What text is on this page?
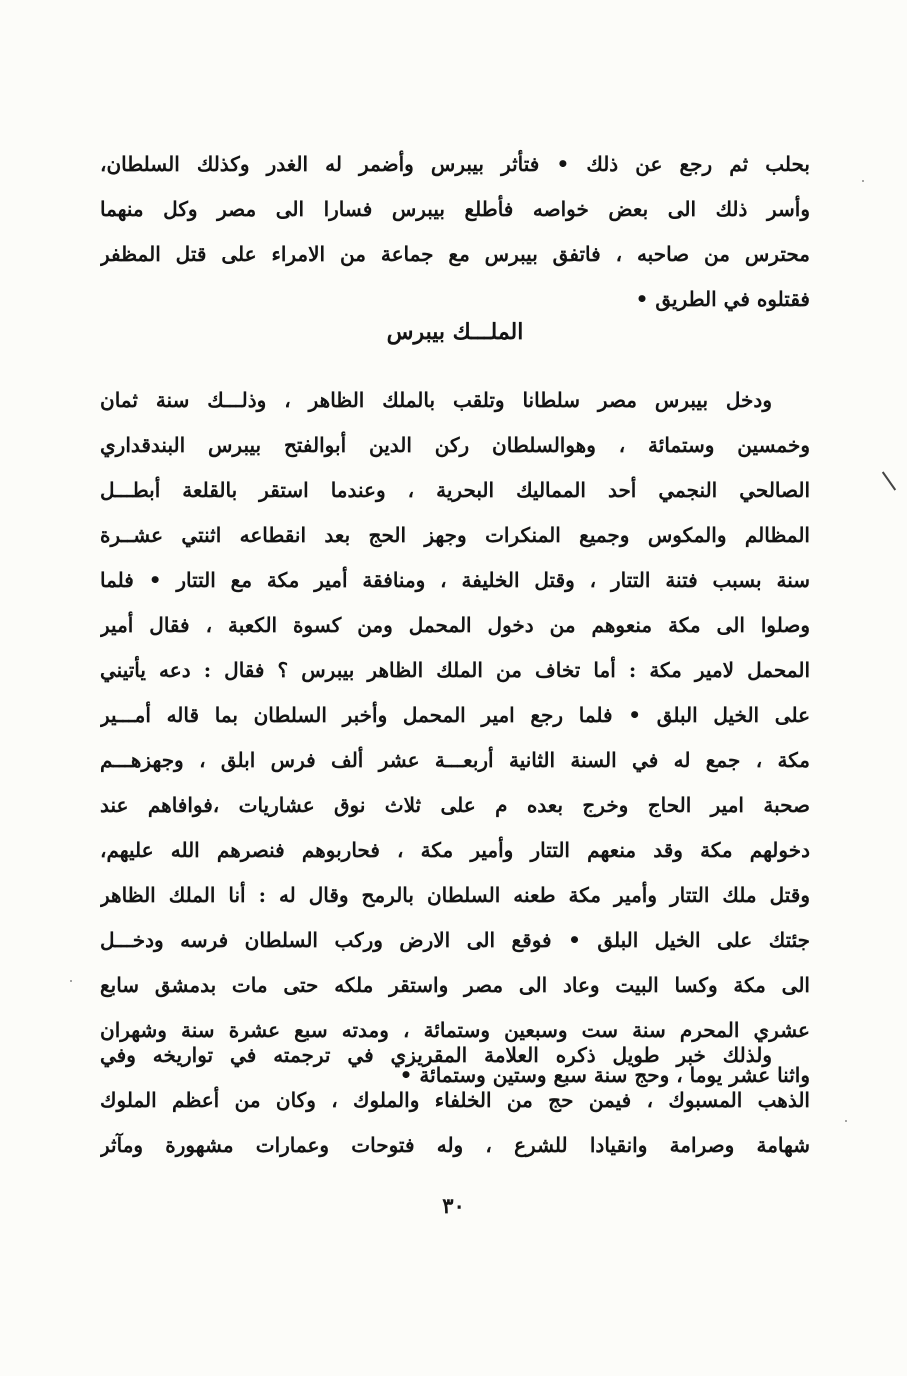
بحلب ثم رجع عن ذلك • فتأثر بيبرس وأضمر له الغدر وكذلك السلطان،
وأسر ذلك الى بعض خواصه فأطلع بيبرس فسارا الى مصر وكل منهما
محترس من صاحبه ، فاتفق بيبرس مع جماعة من الامراء على قتل المظفر
فقتلوه في الطريق •
الملـــك بيبرس
ودخل بيبرس مصر سلطانا وتلقب بالملك الظاهر ، وذلـــك سنة ثمان
وخمسين وستمائة ، وهوالسلطان ركن الدين أبوالفتح بيبرس البندقداري
الصالحي النجمي أحد المماليك البحرية ، وعندما استقر بالقلعة أبطـــل
المظالم والمكوس وجميع المنكرات وجهز الحج بعد انقطاعه اثنتي عشــرة
سنة بسبب فتنة التتار ، وقتل الخليفة ، ومنافقة أمير مكة مع التتار • فلما
وصلوا الى مكة منعوهم من دخول المحمل ومن كسوة الكعبة ، فقال أمير
المحمل لامير مكة : أما تخاف من الملك الظاهر بيبرس ؟ فقال : دعه يأتيني
على الخيل البلق • فلما رجع امير المحمل وأخبر السلطان بما قاله أمـــير
مكة ، جمع له في السنة الثانية أربعـــة عشر ألف فرس ابلق ، وجهزهـــم
صحبة امير الحاج وخرج بعده م على ثلاث نوق عشاريات ،فوافاهم عند
دخولهم مكة وقد منعهم التتار وأمير مكة ، فحاربوهم فنصرهم الله عليهم،
وقتل ملك التتار وأمير مكة طعنه السلطان بالرمح وقال له : أنا الملك الظاهر
جئتك على الخيل البلق • فوقع الى الارض وركب السلطان فرسه ودخـــل
الى مكة وكسا البيت وعاد الى مصر واستقر ملكه حتى مات بدمشق سابع
عشري المحرم سنة ست وسبعين وستمائة ، ومدته سبع عشرة سنة وشهران
واثنا عشر يوما ، وحج سنة سبع وستين وستمائة •
ولذلك خبر طويل ذكره العلامة المقريزي في ترجمته في تواريخه وفي
الذهب المسبوك ، فيمن حج من الخلفاء والملوك ، وكان من أعظم الملوك
شهامة وصرامة وانقيادا للشرع ، وله فتوحات وعمارات مشهورة ومآثر
٣٠
